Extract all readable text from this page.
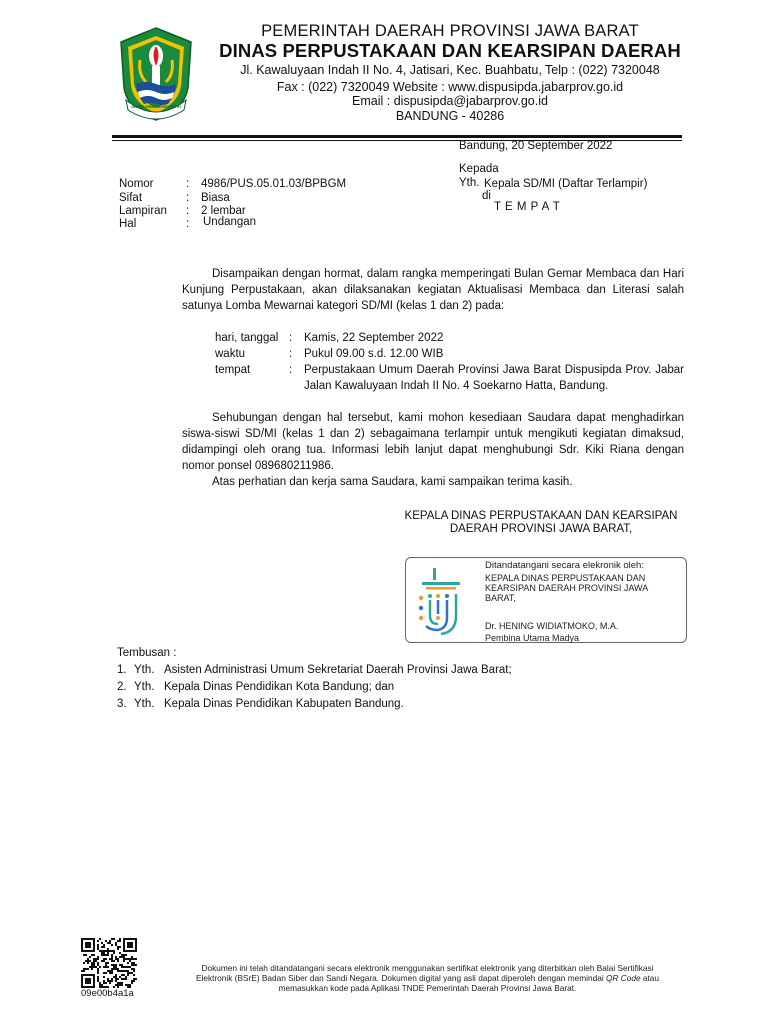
GEMAH RIPAH REPEH RAPIH
PEMERINTAH DAERAH PROVINSI JAWA BARAT
DINAS PERPUSTAKAAN DAN KEARSIPAN DAERAH
Jl. Kawaluyaan Indah II No. 4, Jatisari, Kec. Buahbatu, Telp : (022) 7320048
Fax : (022) 7320049 Website : www.dispusipda.jabarprov.go.id
Email : dispusipda@jabarprov.go.id
BANDUNG - 40286
Bandung, 20 September 2022
Kepada
Yth. Kepala SD/MI (Daftar Terlampir)
di
T E M P A T
Nomor	: 4986/PUS.05.01.03/BPBGM
Sifat	: Biasa
Lampiran	: 2 lembar
Hal	: Undangan
Disampaikan dengan hormat, dalam rangka memperingati Bulan Gemar Membaca dan Hari Kunjung Perpustakaan, akan dilaksanakan kegiatan Aktualisasi Membaca dan Literasi salah satunya Lomba Mewarnai kategori SD/MI (kelas 1 dan 2) pada:
hari, tanggal : Kamis, 22 September 2022
waktu	: Pukul 09.00 s.d. 12.00 WIB
tempat	: Perpustakaan Umum Daerah Provinsi Jawa Barat Dispusipda Prov. Jabar Jalan Kawaluyaan Indah II No. 4 Soekarno Hatta, Bandung.
Sehubungan dengan hal tersebut, kami mohon kesediaan Saudara dapat menghadirkan siswa-siswi SD/MI (kelas 1 dan 2) sebagaimana terlampir untuk mengikuti kegiatan dimaksud, didampingi oleh orang tua. Informasi lebih lanjut dapat menghubungi Sdr. Kiki Riana dengan nomor ponsel 089680211986.
Atas perhatian dan kerja sama Saudara, kami sampaikan terima kasih.
KEPALA DINAS PERPUSTAKAAN DAN KEARSIPAN
DAERAH PROVINSI JAWA BARAT,
Ditandatangani secara elekronik oleh:
KEPALA DINAS PERPUSTAKAAN DAN
KEARSIPAN DAERAH PROVINSI JAWA
BARAT,
Dr. HENING WIDIATMOKO, M.A.
Pembina Utama Madya
Tembusan :
1. Yth. Asisten Administrasi Umum Sekretariat Daerah Provinsi Jawa Barat;
2. Yth. Kepala Dinas Pendidikan Kota Bandung; dan
3. Yth. Kepala Dinas Pendidikan Kabupaten Bandung.
09e00b4a1a
Dokumen ini telah ditandatangani secara elektronik menggunakan sertifikat elektronik yang diterbitkan oleh Balai Sertifikasi
Elektronik (BSrE) Badan Siber dan Sandi Negara. Dokumen digital yang asli dapat diperoleh dengan memindai QR Code atau
memasukkan kode pada Aplikasi TNDE Pemerintah Daerah Provinsi Jawa Barat.
